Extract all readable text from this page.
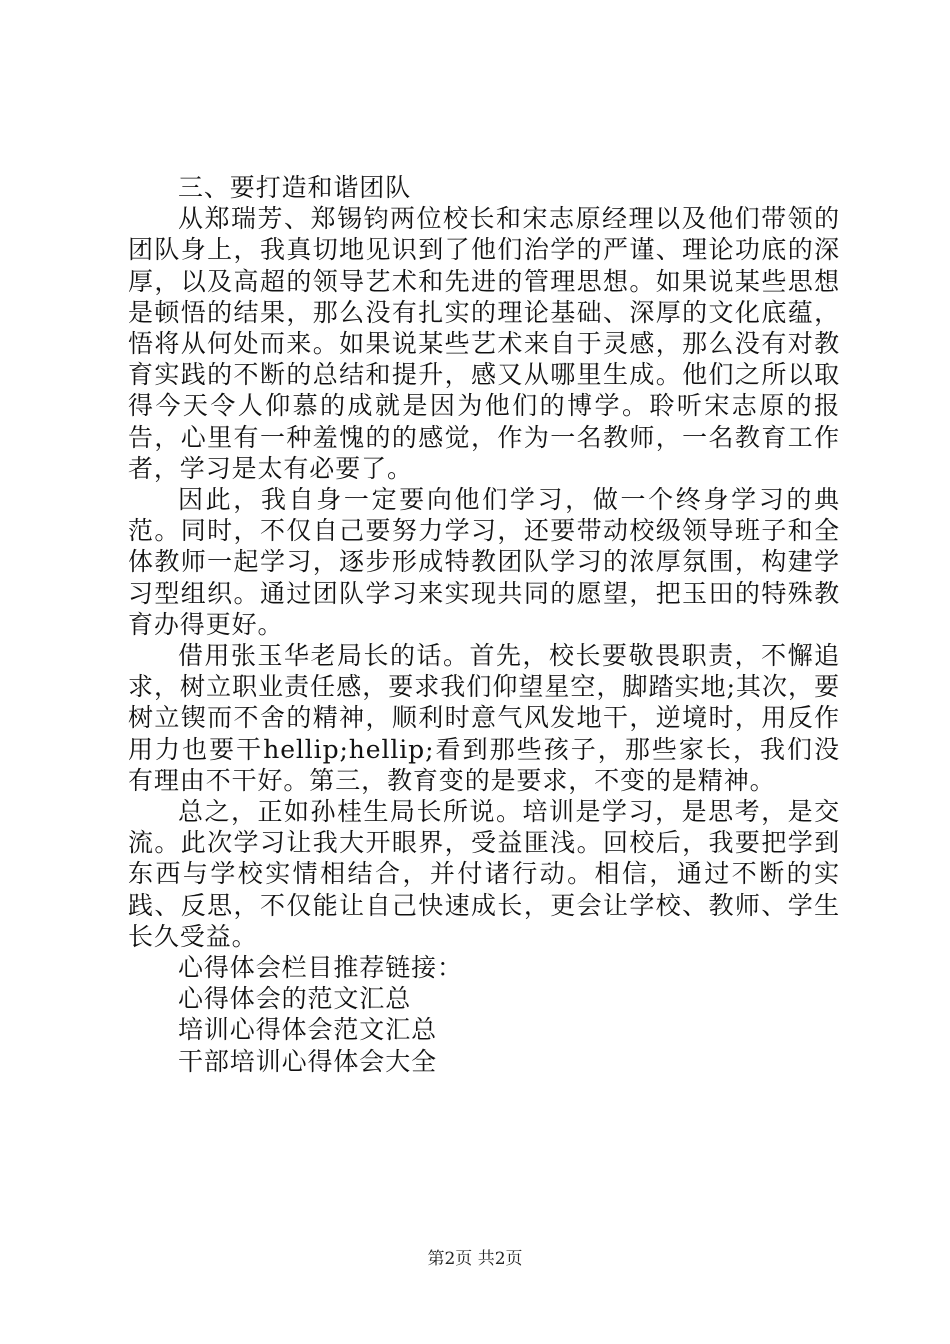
三、要打造和谐团队

从郑瑞芳、郑锡钧两位校长和宋志原经理以及他们带领的团队身上，我真切地见识到了他们治学的严谨、理论功底的深厚，以及高超的领导艺术和先进的管理思想。如果说某些思想是顿悟的结果，那么没有扎实的理论基础、深厚的文化底蕴，悟将从何处而来。如果说某些艺术来自于灵感，那么没有对教育实践的不断的总结和提升，感又从哪里生成。他们之所以取得今天令人仰慕的成就是因为他们的博学。聆听宋志原的报告，心里有一种羞愧的的感觉，作为一名教师，一名教育工作者，学习是太有必要了。

因此，我自身一定要向他们学习，做一个终身学习的典范。同时，不仅自己要努力学习，还要带动校级领导班子和全体教师一起学习，逐步形成特教团队学习的浓厚氛围，构建学习型组织。通过团队学习来实现共同的愿望，把玉田的特殊教育办得更好。

借用张玉华老局长的话。首先，校长要敬畏职责，不懈追求，树立职业责任感，要求我们仰望星空，脚踏实地;其次，要树立锲而不舍的精神，顺利时意气风发地干，逆境时，用反作用力也要干hellip;hellip;看到那些孩子，那些家长，我们没有理由不干好。第三，教育变的是要求，不变的是精神。

总之，正如孙桂生局长所说。培训是学习，是思考，是交流。此次学习让我大开眼界，受益匪浅。回校后，我要把学到东西与学校实情相结合，并付诸行动。相信，通过不断的实践、反思，不仅能让自己快速成长，更会让学校、教师、学生长久受益。

心得体会栏目推荐链接：

心得体会的范文汇总

培训心得体会范文汇总

干部培训心得体会大全

第2页 共2页
